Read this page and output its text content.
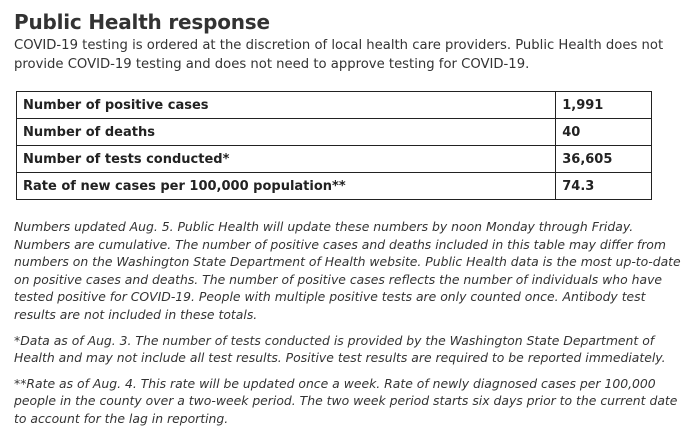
Public Health response

COVID-19 testing is ordered at the discretion of local health care providers. Public Health does not provide COVID-19 testing and does not need to approve testing for COVID-19.

Number of positive cases	1,991
Number of deaths	40
Number of tests conducted*	36,605
Rate of new cases per 100,000 population**	74.3

Numbers updated Aug. 5. Public Health will update these numbers by noon Monday through Friday. Numbers are cumulative. The number of positive cases and deaths included in this table may differ from numbers on the Washington State Department of Health website. Public Health data is the most up-to-date on positive cases and deaths. The number of positive cases reflects the number of individuals who have tested positive for COVID-19. People with multiple positive tests are only counted once. Antibody test results are not included in these totals.

*Data as of Aug. 3. The number of tests conducted is provided by the Washington State Department of Health and may not include all test results. Positive test results are required to be reported immediately.

**Rate as of Aug. 4. This rate will be updated once a week. Rate of newly diagnosed cases per 100,000 people in the county over a two-week period. The two week period starts six days prior to the current date to account for the lag in reporting.
